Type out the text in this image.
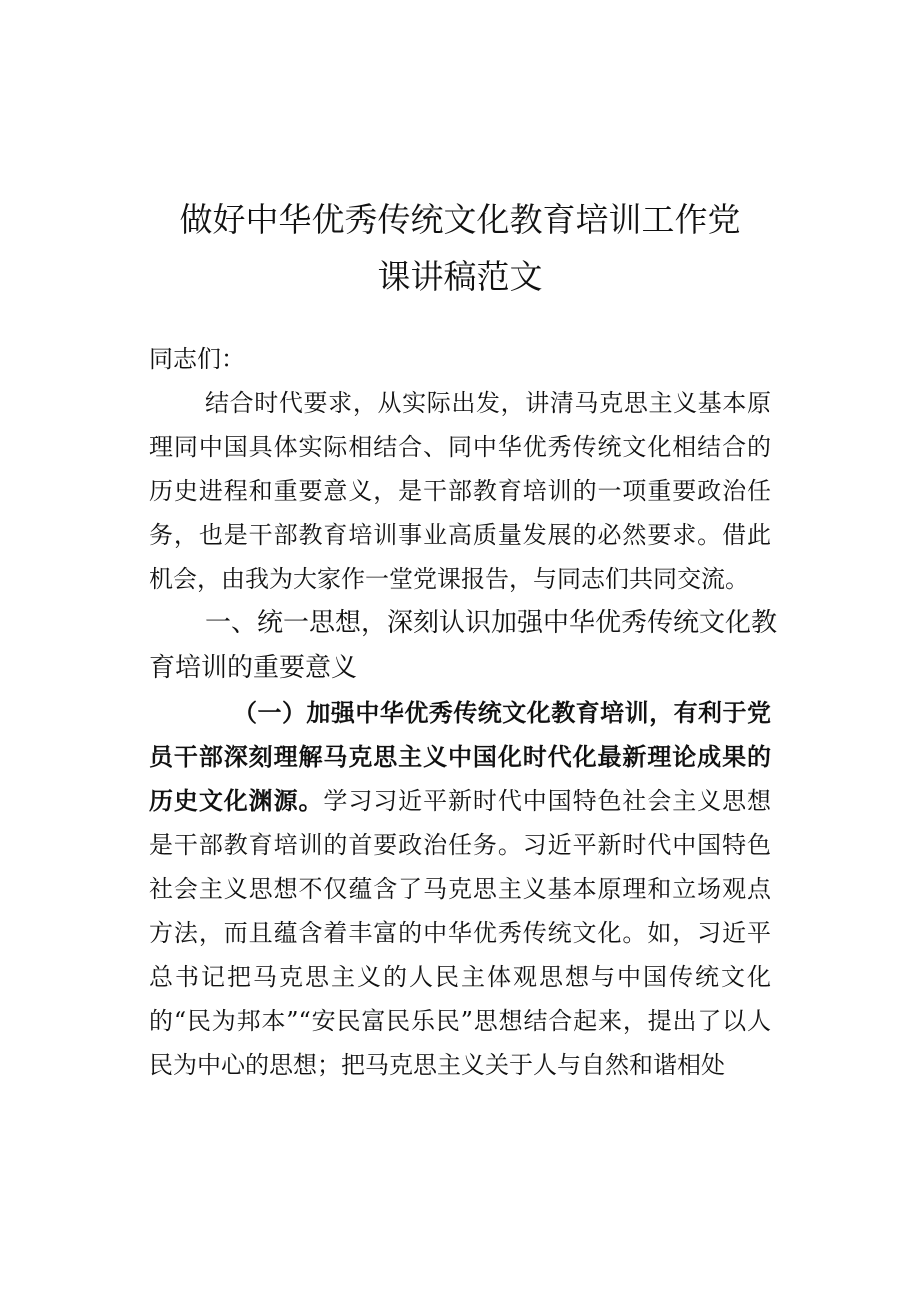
做好中华优秀传统文化教育培训工作党
课讲稿范文

同志们：

结合时代要求，从实际出发，讲清马克思主义基本原理同中国具体实际相结合、同中华优秀传统文化相结合的历史进程和重要意义，是干部教育培训的一项重要政治任务，也是干部教育培训事业高质量发展的必然要求。借此机会，由我为大家作一堂党课报告，与同志们共同交流。

一、统一思想，深刻认识加强中华优秀传统文化教育培训的重要意义

（一）加强中华优秀传统文化教育培训，有利于党员干部深刻理解马克思主义中国化时代化最新理论成果的历史文化渊源。学习习近平新时代中国特色社会主义思想是干部教育培训的首要政治任务。习近平新时代中国特色社会主义思想不仅蕴含了马克思主义基本原理和立场观点方法，而且蕴含着丰富的中华优秀传统文化。如，习近平总书记把马克思主义的人民主体观思想与中国传统文化的“民为邦本”“安民富民乐民”思想结合起来，提出了以人民为中心的思想；把马克思主义关于人与自然和谐相处
